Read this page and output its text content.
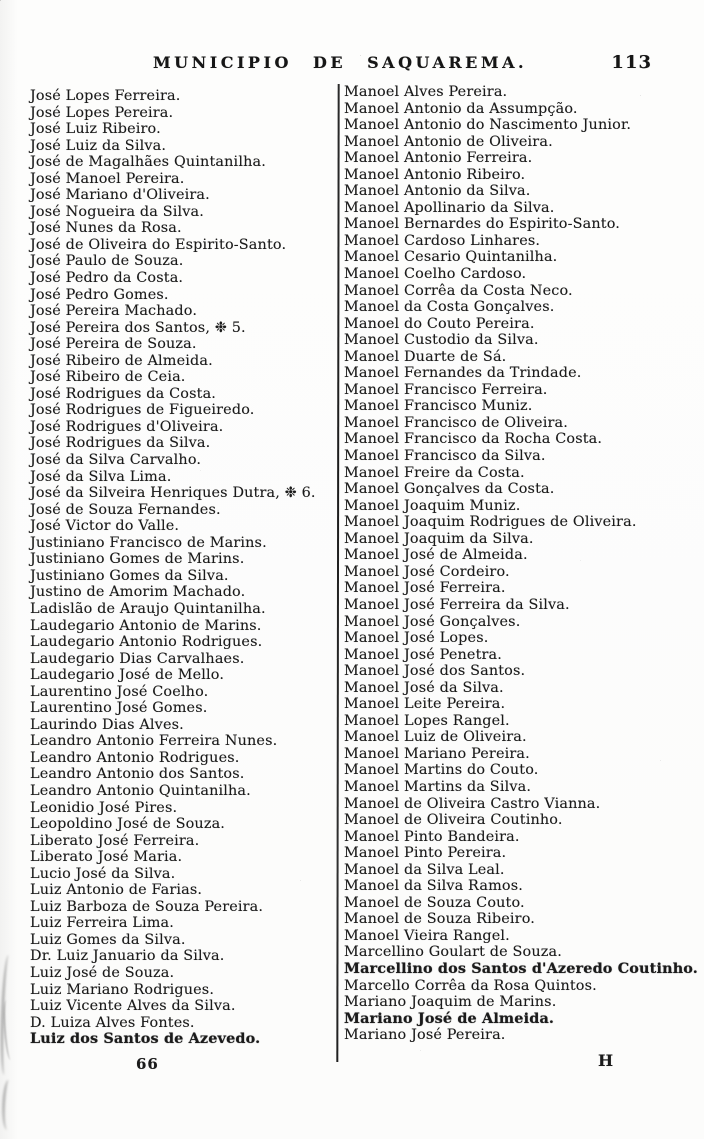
MUNICIPIO DE SAQUAREMA.	113
José Lopes Ferreira.
José Lopes Pereira.
José Luiz Ribeiro.
José Luiz da Silva.
José de Magalhães Quintanilha.
José Manoel Pereira.
José Mariano d'Oliveira.
José Nogueira da Silva.
José Nunes da Rosa.
José de Oliveira do Espirito-Santo.
José Paulo de Souza.
José Pedro da Costa.
José Pedro Gomes.
José Pereira Machado.
José Pereira dos Santos, ❉ 5.
José Pereira de Souza.
José Ribeiro de Almeida.
José Ribeiro de Ceia.
José Rodrigues da Costa.
José Rodrigues de Figueiredo.
José Rodrigues d'Oliveira.
José Rodrigues da Silva.
José da Silva Carvalho.
José da Silva Lima.
José da Silveira Henriques Dutra, ❉ 6.
José de Souza Fernandes.
José Victor do Valle.
Justiniano Francisco de Marins.
Justiniano Gomes de Marins.
Justiniano Gomes da Silva.
Justino de Amorim Machado.
Ladislão de Araujo Quintanilha.
Laudegario Antonio de Marins.
Laudegario Antonio Rodrigues.
Laudegario Dias Carvalhaes.
Laudegario José de Mello.
Laurentino José Coelho.
Laurentino José Gomes.
Laurindo Dias Alves.
Leandro Antonio Ferreira Nunes.
Leandro Antonio Rodrigues.
Leandro Antonio dos Santos.
Leandro Antonio Quintanilha.
Leonidio José Pires.
Leopoldino José de Souza.
Liberato José Ferreira.
Liberato José Maria.
Lucio José da Silva.
Luiz Antonio de Farias.
Luiz Barboza de Souza Pereira.
Luiz Ferreira Lima.
Luiz Gomes da Silva.
Dr. Luiz Januario da Silva.
Luiz José de Souza.
Luiz Mariano Rodrigues.
Luiz Vicente Alves da Silva.
D. Luiza Alves Fontes.
Luiz dos Santos de Azevedo.
Manoel Alves Pereira.
Manoel Antonio da Assumpção.
Manoel Antonio do Nascimento Junior.
Manoel Antonio de Oliveira.
Manoel Antonio Ferreira.
Manoel Antonio Ribeiro.
Manoel Antonio da Silva.
Manoel Apollinario da Silva.
Manoel Bernardes do Espirito-Santo.
Manoel Cardoso Linhares.
Manoel Cesario Quintanilha.
Manoel Coelho Cardoso.
Manoel Corrêa da Costa Neco.
Manoel da Costa Gonçalves.
Manoel do Couto Pereira.
Manoel Custodio da Silva.
Manoel Duarte de Sá.
Manoel Fernandes da Trindade.
Manoel Francisco Ferreira.
Manoel Francisco Muniz.
Manoel Francisco de Oliveira.
Manoel Francisco da Rocha Costa.
Manoel Francisco da Silva.
Manoel Freire da Costa.
Manoel Gonçalves da Costa.
Manoel Joaquim Muniz.
Manoel Joaquim Rodrigues de Oliveira.
Manoel Joaquim da Silva.
Manoel José de Almeida.
Manoel José Cordeiro.
Manoel José Ferreira.
Manoel José Ferreira da Silva.
Manoel José Gonçalves.
Manoel José Lopes.
Manoel José Penetra.
Manoel José dos Santos.
Manoel José da Silva.
Manoel Leite Pereira.
Manoel Lopes Rangel.
Manoel Luiz de Oliveira.
Manoel Mariano Pereira.
Manoel Martins do Couto.
Manoel Martins da Silva.
Manoel de Oliveira Castro Vianna.
Manoel de Oliveira Coutinho.
Manoel Pinto Bandeira.
Manoel Pinto Pereira.
Manoel da Silva Leal.
Manoel da Silva Ramos.
Manoel de Souza Couto.
Manoel de Souza Ribeiro.
Manoel Vieira Rangel.
Marcellino Goulart de Souza.
Marcellino dos Santos d'Azeredo Coutinho.
Marcello Corrêa da Rosa Quintos.
Mariano Joaquim de Marins.
Mariano José de Almeida.
Mariano José Pereira.
66	H
